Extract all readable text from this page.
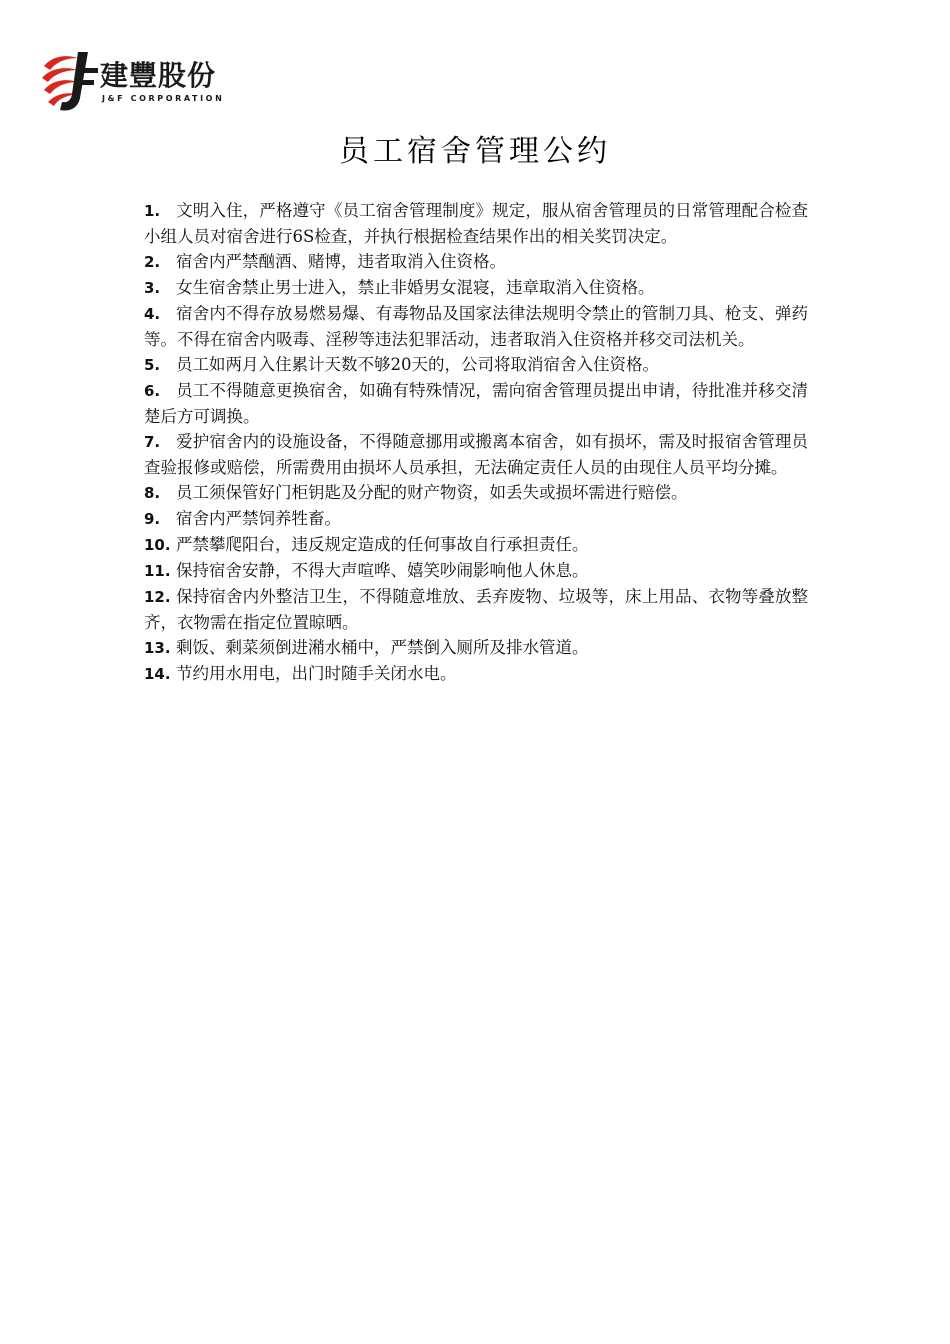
建豐股份
J&F CORPORATION
员工宿舍管理公约
1. 文明入住，严格遵守《员工宿舍管理制度》规定，服从宿舍管理员的日常管理配合检查小组人员对宿舍进行6S检查，并执行根据检查结果作出的相关奖罚决定。
2. 宿舍内严禁酗酒、赌博，违者取消入住资格。
3. 女生宿舍禁止男士进入，禁止非婚男女混寝，违章取消入住资格。
4. 宿舍内不得存放易燃易爆、有毒物品及国家法律法规明令禁止的管制刀具、枪支、弹药等。不得在宿舍内吸毒、淫秽等违法犯罪活动，违者取消入住资格并移交司法机关。
5. 员工如两月入住累计天数不够20天的，公司将取消宿舍入住资格。
6. 员工不得随意更换宿舍，如确有特殊情况，需向宿舍管理员提出申请，待批准并移交清楚后方可调换。
7. 爱护宿舍内的设施设备，不得随意挪用或搬离本宿舍，如有损坏，需及时报宿舍管理员查验报修或赔偿，所需费用由损坏人员承担，无法确定责任人员的由现住人员平均分摊。
8. 员工须保管好门柜钥匙及分配的财产物资，如丢失或损坏需进行赔偿。
9. 宿舍内严禁饲养牲畜。
10. 严禁攀爬阳台，违反规定造成的任何事故自行承担责任。
11. 保持宿舍安静，不得大声喧哗、嬉笑吵闹影响他人休息。
12. 保持宿舍内外整洁卫生，不得随意堆放、丢弃废物、垃圾等，床上用品、衣物等叠放整齐，衣物需在指定位置晾晒。
13. 剩饭、剩菜须倒进潲水桶中，严禁倒入厕所及排水管道。
14. 节约用水用电，出门时随手关闭水电。
